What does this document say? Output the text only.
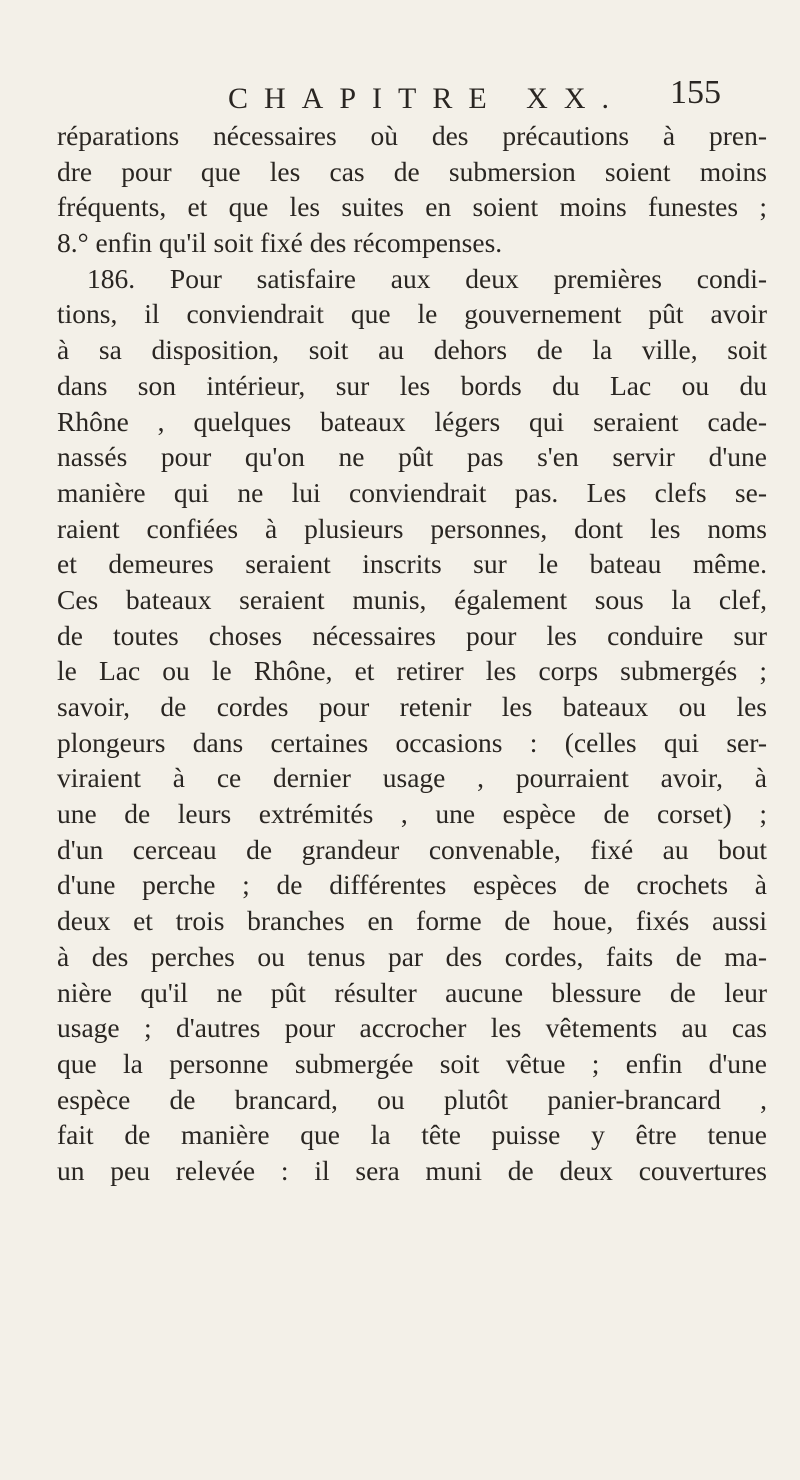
CHAPITRE XX. 155
réparations nécessaires où des précautions à pren-
dre pour que les cas de submersion soient moins
fréquents, et que les suites en soient moins funestes ;
8.° enfin qu'il soit fixé des récompenses.
186. Pour satisfaire aux deux premières condi-
tions, il conviendrait que le gouvernement pût avoir
à sa disposition, soit au dehors de la ville, soit
dans son intérieur, sur les bords du Lac ou du
Rhône , quelques bateaux légers qui seraient cade-
nassés pour qu'on ne pût pas s'en servir d'une
manière qui ne lui conviendrait pas. Les clefs se-
raient confiées à plusieurs personnes, dont les noms
et demeures seraient inscrits sur le bateau même.
Ces bateaux seraient munis, également sous la clef,
de toutes choses nécessaires pour les conduire sur
le Lac ou le Rhône, et retirer les corps submergés ;
savoir, de cordes pour retenir les bateaux ou les
plongeurs dans certaines occasions : (celles qui ser-
viraient à ce dernier usage , pourraient avoir, à
une de leurs extrémités , une espèce de corset) ;
d'un cerceau de grandeur convenable, fixé au bout
d'une perche ; de différentes espèces de crochets à
deux et trois branches en forme de houe, fixés aussi
à des perches ou tenus par des cordes, faits de ma-
nière qu'il ne pût résulter aucune blessure de leur
usage ; d'autres pour accrocher les vêtements au cas
que la personne submergée soit vêtue ; enfin d'une
espèce de brancard, ou plutôt panier-brancard ,
fait de manière que la tête puisse y être tenue
un peu relevée : il sera muni de deux couvertures
